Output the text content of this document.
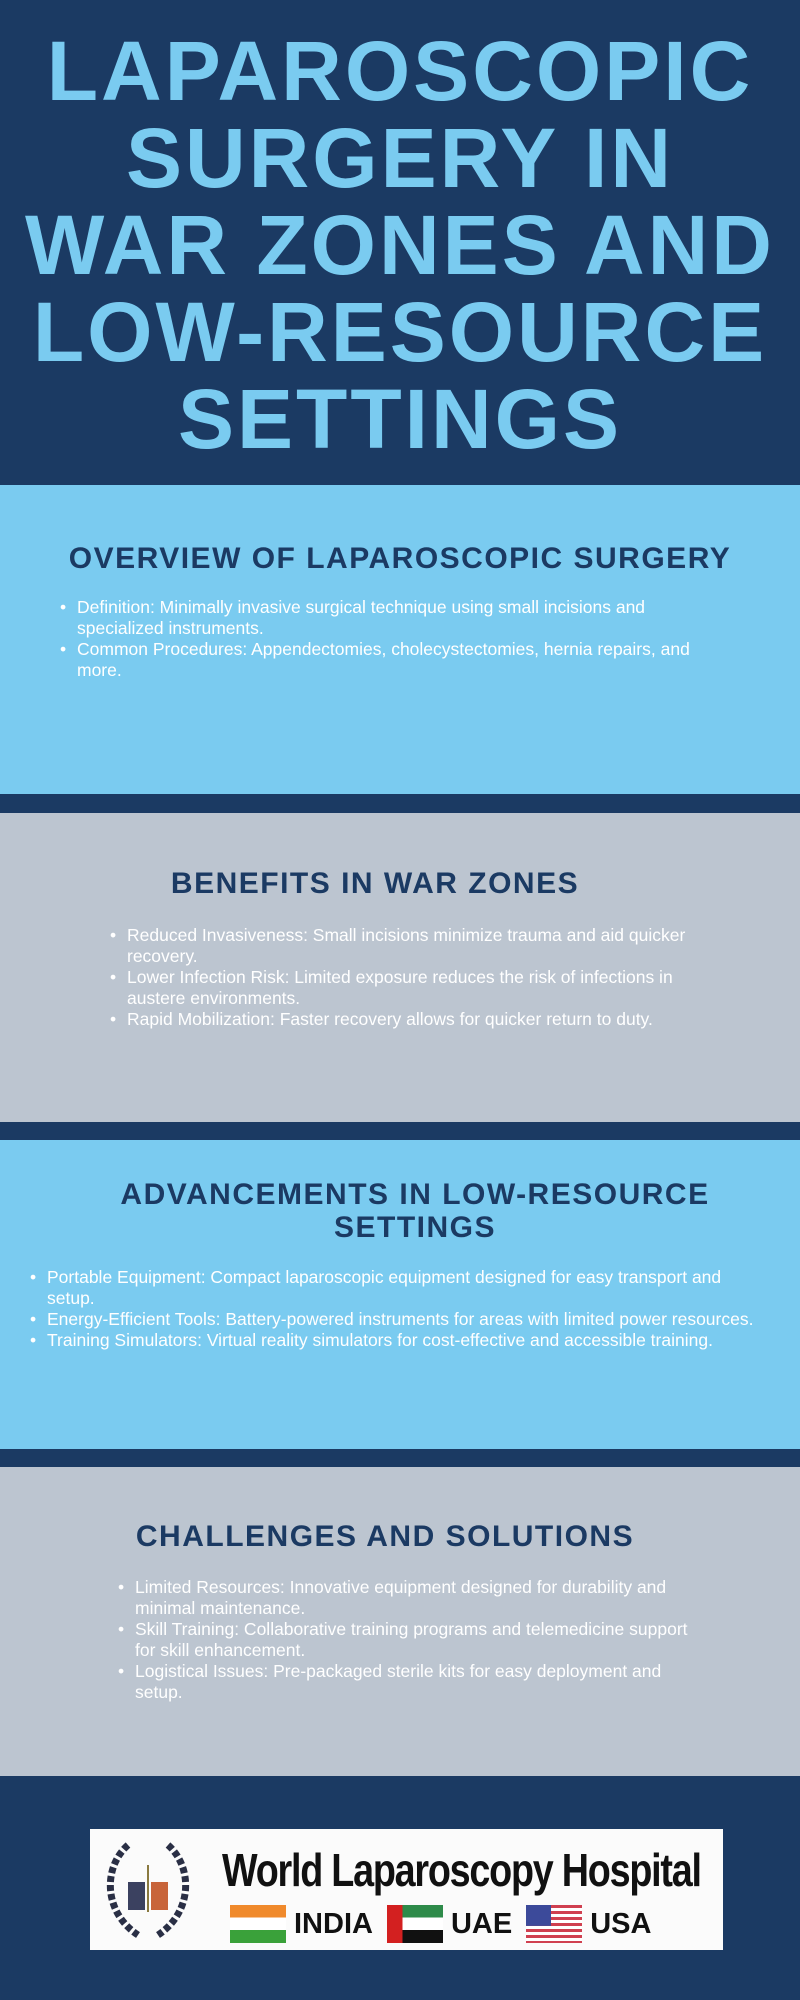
LAPAROSCOPIC
SURGERY IN
WAR ZONES AND
LOW-RESOURCE
SETTINGS
OVERVIEW OF LAPAROSCOPIC SURGERY
• Definition: Minimally invasive surgical technique using small incisions and specialized instruments.
• Common Procedures: Appendectomies, cholecystectomies, hernia repairs, and more.
BENEFITS IN WAR ZONES
• Reduced Invasiveness: Small incisions minimize trauma and aid quicker recovery.
• Lower Infection Risk: Limited exposure reduces the risk of infections in austere environments.
• Rapid Mobilization: Faster recovery allows for quicker return to duty.
ADVANCEMENTS IN LOW-RESOURCE SETTINGS
• Portable Equipment: Compact laparoscopic equipment designed for easy transport and setup.
• Energy-Efficient Tools: Battery-powered instruments for areas with limited power resources.
• Training Simulators: Virtual reality simulators for cost-effective and accessible training.
CHALLENGES AND SOLUTIONS
• Limited Resources: Innovative equipment designed for durability and minimal maintenance.
• Skill Training: Collaborative training programs and telemedicine support for skill enhancement.
• Logistical Issues: Pre-packaged sterile kits for easy deployment and setup.
World Laparoscopy Hospital
INDIA	UAE	USA
